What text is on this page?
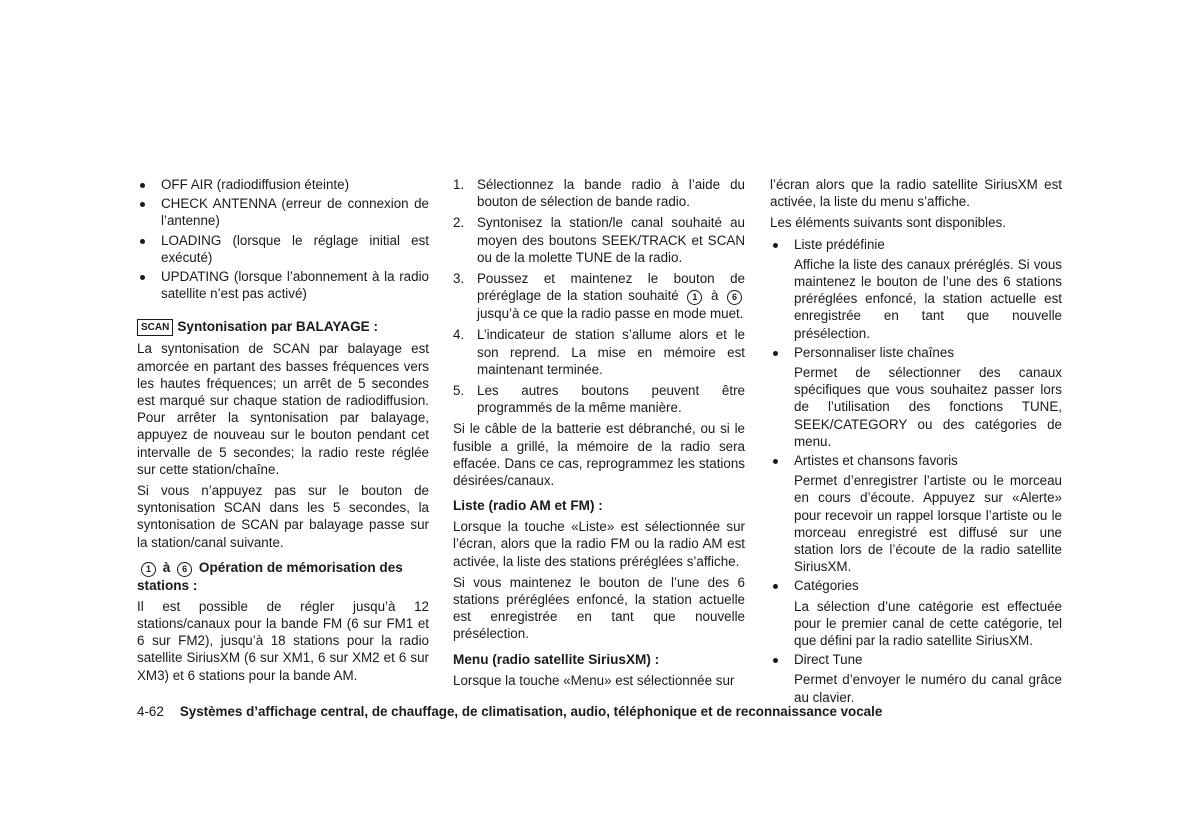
OFF AIR (radiodiffusion éteinte)
CHECK ANTENNA (erreur de connexion de l’antenne)
LOADING (lorsque le réglage initial est exécuté)
UPDATING (lorsque l’abonnement à la radio satellite n’est pas activé)
SCAN Syntonisation par BALAYAGE :

La syntonisation de SCAN par balayage est amorcée en partant des basses fréquences vers les hautes fréquences; un arrêt de 5 secondes est marqué sur chaque station de radiodiffusion. Pour arrêter la syntonisation par balayage, appuyez de nouveau sur le bouton pendant cet intervalle de 5 secondes; la radio reste réglée sur cette station/chaîne.

Si vous n’appuyez pas sur le bouton de syntonisation SCAN dans les 5 secondes, la syntonisation de SCAN par balayage passe sur la station/canal suivante.

1 à 6 Opération de mémorisation des stations :

Il est possible de régler jusqu’à 12 stations/canaux pour la bande FM (6 sur FM1 et 6 sur FM2), jusqu’à 18 stations pour la radio satellite SiriusXM (6 sur XM1, 6 sur XM2 et 6 sur XM3) et 6 stations pour la bande AM.

1. Sélectionnez la bande radio à l’aide du bouton de sélection de bande radio.
2. Syntonisez la station/le canal souhaité au moyen des boutons SEEK/TRACK et SCAN ou de la molette TUNE de la radio.
3. Poussez et maintenez le bouton de préréglage de la station souhaité 1 à 6 jusqu’à ce que la radio passe en mode muet.
4. L’indicateur de station s’allume alors et le son reprend. La mise en mémoire est maintenant terminée.
5. Les autres boutons peuvent être programmés de la même manière.

Si le câble de la batterie est débranché, ou si le fusible a grillé, la mémoire de la radio sera effacée. Dans ce cas, reprogrammez les stations désirées/canaux.

Liste (radio AM et FM) :

Lorsque la touche «Liste» est sélectionnée sur l’écran, alors que la radio FM ou la radio AM est activée, la liste des stations préréglées s’affiche.

Si vous maintenez le bouton de l’une des 6 stations préréglées enfoncé, la station actuelle est enregistrée en tant que nouvelle présélection.

Menu (radio satellite SiriusXM) :

Lorsque la touche «Menu» est sélectionnée sur

l’écran alors que la radio satellite SiriusXM est activée, la liste du menu s’affiche.

Les éléments suivants sont disponibles.

Liste prédéfinie
Affiche la liste des canaux préréglés. Si vous maintenez le bouton de l’une des 6 stations préréglées enfoncé, la station actuelle est enregistrée en tant que nouvelle présélection.
Personnaliser liste chaînes
Permet de sélectionner des canaux spécifiques que vous souhaitez passer lors de l’utilisation des fonctions TUNE, SEEK/CATEGORY ou des catégories de menu.
Artistes et chansons favoris
Permet d’enregistrer l’artiste ou le morceau en cours d’écoute. Appuyez sur «Alerte» pour recevoir un rappel lorsque l’artiste ou le morceau enregistré est diffusé sur une station lors de l’écoute de la radio satellite SiriusXM.
Catégories
La sélection d’une catégorie est effectuée pour le premier canal de cette catégorie, tel que défini par la radio satellite SiriusXM.
Direct Tune
Permet d’envoyer le numéro du canal grâce au clavier.
4-62 Systèmes d’affichage central, de chauffage, de climatisation, audio, téléphonique et de reconnaissance vocale
